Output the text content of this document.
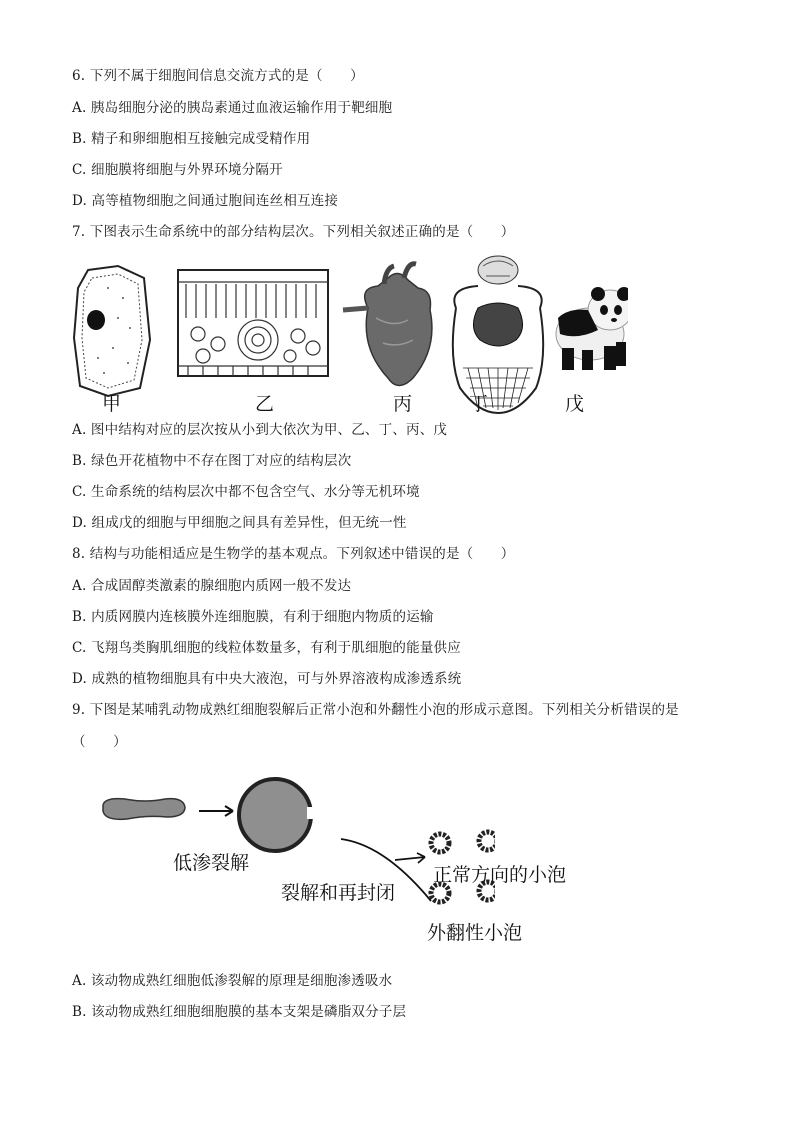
6. 下列不属于细胞间信息交流方式的是（　　）
A. 胰岛细胞分泌的胰岛素通过血液运输作用于靶细胞
B. 精子和卵细胞相互接触完成受精作用
C. 细胞膜将细胞与外界环境分隔开
D. 高等植物细胞之间通过胞间连丝相互连接
7. 下图表示生命系统中的部分结构层次。下列相关叙述正确的是（　　）
甲	乙	丙	丁	戊
A. 图中结构对应的层次按从小到大依次为甲、乙、丁、丙、戊
B. 绿色开花植物中不存在图丁对应的结构层次
C. 生命系统的结构层次中都不包含空气、水分等无机环境
D. 组成戊的细胞与甲细胞之间具有差异性，但无统一性
8. 结构与功能相适应是生物学的基本观点。下列叙述中错误的是（　　）
A. 合成固醇类激素的腺细胞内质网一般不发达
B. 内质网膜内连核膜外连细胞膜，有利于细胞内物质的运输
C. 飞翔鸟类胸肌细胞的线粒体数量多，有利于肌细胞的能量供应
D. 成熟的植物细胞具有中央大液泡，可与外界溶液构成渗透系统
9. 下图是某哺乳动物成熟红细胞裂解后正常小泡和外翻性小泡的形成示意图。下列相关分析错误的是
（　　）
低渗裂解
裂解和再封闭
正常方向的小泡
外翻性小泡
A. 该动物成熟红细胞低渗裂解的原理是细胞渗透吸水
B. 该动物成熟红细胞细胞膜的基本支架是磷脂双分子层
